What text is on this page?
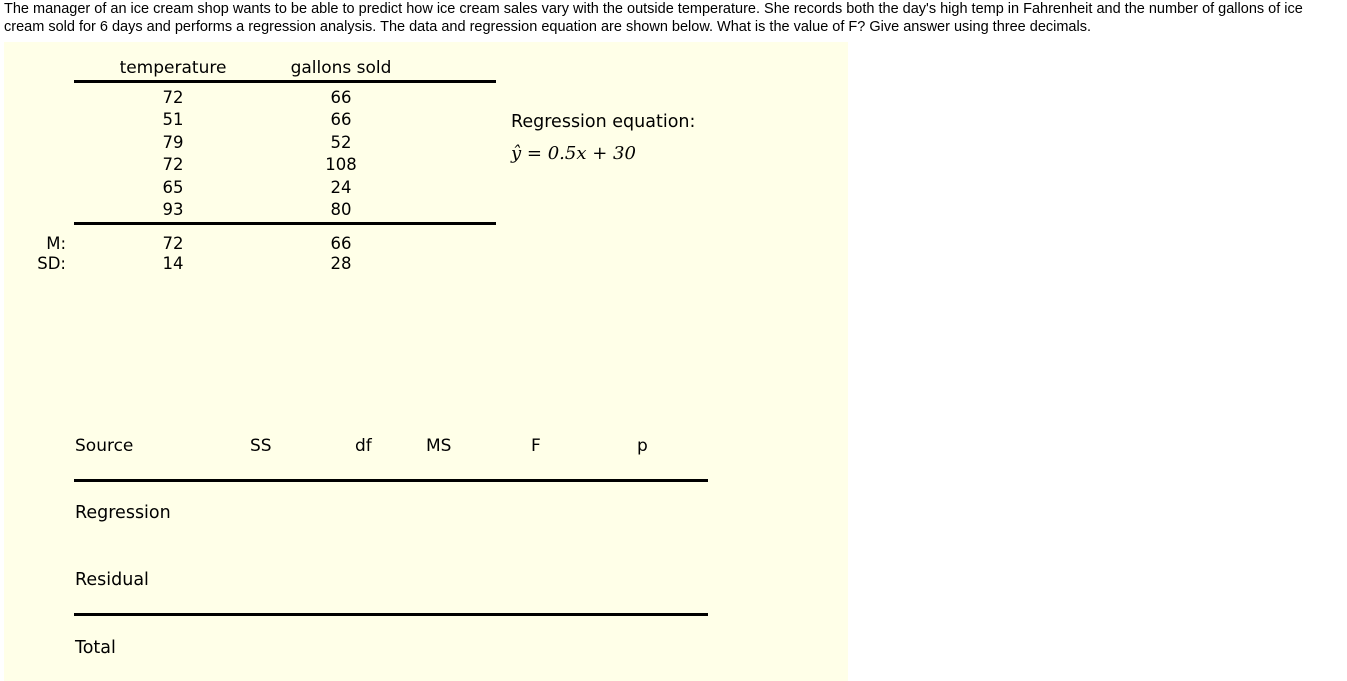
The manager of an ice cream shop wants to be able to predict how ice cream sales vary with the outside temperature. She records both the day's high temp in Fahrenheit and the number of gallons of ice cream sold for 6 days and performs a regression analysis. The data and regression equation are shown below. What is the value of F? Give answer using three decimals.
temperature	gallons sold
72	66
51	66
79	52
72	108
65	24
93	80
M:	72	66
SD:	14	28
Regression equation:
ŷ = 0.5x + 30
Source	SS	df	MS	F	p
Regression
Residual
Total
